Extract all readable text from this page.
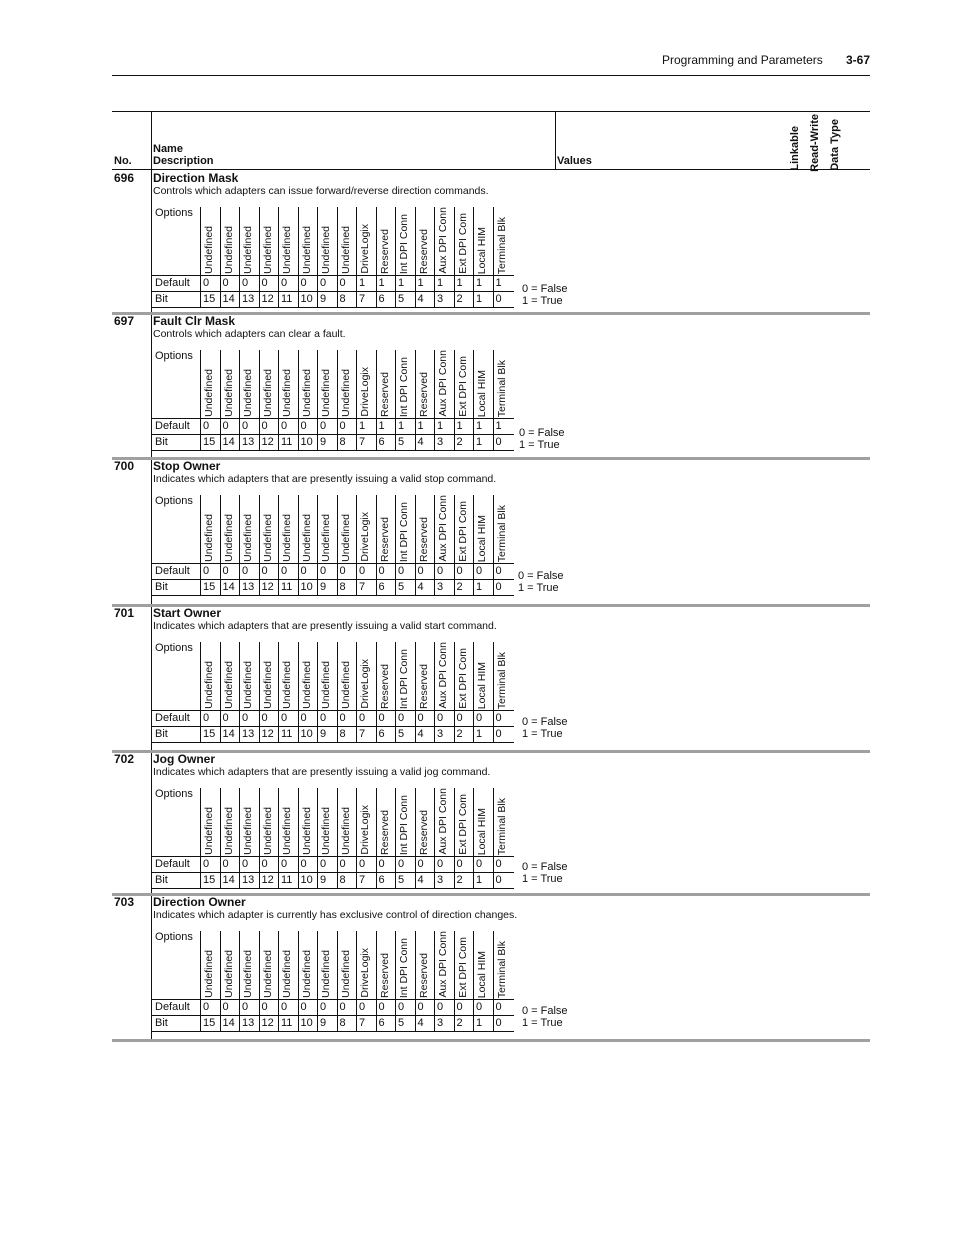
Programming and Parameters 3-67
No.
Name
Description	Values	Linkable Read-Write Data Type
696 Direction Mask
Controls which adapters can issue forward/reverse direction commands.
Options
Default
Bit
Undefined
0
15
Undefined
0
14
Undefined
0
13
Undefined
0
12
Undefined
0
11
Undefined
0
10
Undefined
0
9
Undefined
0
8
DriveLogix
1
7
Reserved
1
6
Int DPI Conn
1
5
Reserved
1
4
Aux DPI Conn
1
3
Ext DPI Com
1
2
Local HIM
1
1
Terminal Blk
1
0
0 = False
1 = True
697 Fault Clr Mask
Controls which adapters can clear a fault.
Options
Default
Bit
Undefined
0
15
Undefined
0
14
Undefined
0
13
Undefined
0
12
Undefined
0
11
Undefined
0
10
Undefined
0
9
Undefined
0
8
DriveLogix
1
7
Reserved
1
6
Int DPI Conn
1
5
Reserved
1
4
Aux DPI Conn
1
3
Ext DPI Com
1
2
Local HIM
1
1
Terminal Blk
1
0
0 = False
1 = True
700 Stop Owner
Indicates which adapters that are presently issuing a valid stop command.
Options
Default
Bit
Undefined
0
15
Undefined
0
14
Undefined
0
13
Undefined
0
12
Undefined
0
11
Undefined
0
10
Undefined
0
9
Undefined
0
8
DriveLogix
0
7
Reserved
0
6
Int DPI Conn
0
5
Reserved
0
4
Aux DPI Conn
0
3
Ext DPI Com
0
2
Local HIM
0
1
Terminal Blk
0
0
0 = False
1 = True
701 Start Owner
Indicates which adapters that are presently issuing a valid start command.
Options
Default
Bit
Undefined
0
15
Undefined
0
14
Undefined
0
13
Undefined
0
12
Undefined
0
11
Undefined
0
10
Undefined
0
9
Undefined
0
8
DriveLogix
0
7
Reserved
0
6
Int DPI Conn
0
5
Reserved
0
4
Aux DPI Conn
0
3
Ext DPI Com
0
2
Local HIM
0
1
Terminal Blk
0
0
0 = False
1 = True
702 Jog Owner
Indicates which adapters that are presently issuing a valid jog command.
Options
Default
Bit
Undefined
0
15
Undefined
0
14
Undefined
0
13
Undefined
0
12
Undefined
0
11
Undefined
0
10
Undefined
0
9
Undefined
0
8
DriveLogix
0
7
Reserved
0
6
Int DPI Conn
0
5
Reserved
0
4
Aux DPI Conn
0
3
Ext DPI Com
0
2
Local HIM
0
1
Terminal Blk
0
0
0 = False
1 = True
703 Direction Owner
Indicates which adapter is currently has exclusive control of direction changes.
Options
Default
Bit
Undefined
0
15
Undefined
0
14
Undefined
0
13
Undefined
0
12
Undefined
0
11
Undefined
0
10
Undefined
0
9
Undefined
0
8
DriveLogix
0
7
Reserved
0
6
Int DPI Conn
0
5
Reserved
0
4
Aux DPI Conn
0
3
Ext DPI Com
0
2
Local HIM
0
1
Terminal Blk
0
0
0 = False
1 = True
